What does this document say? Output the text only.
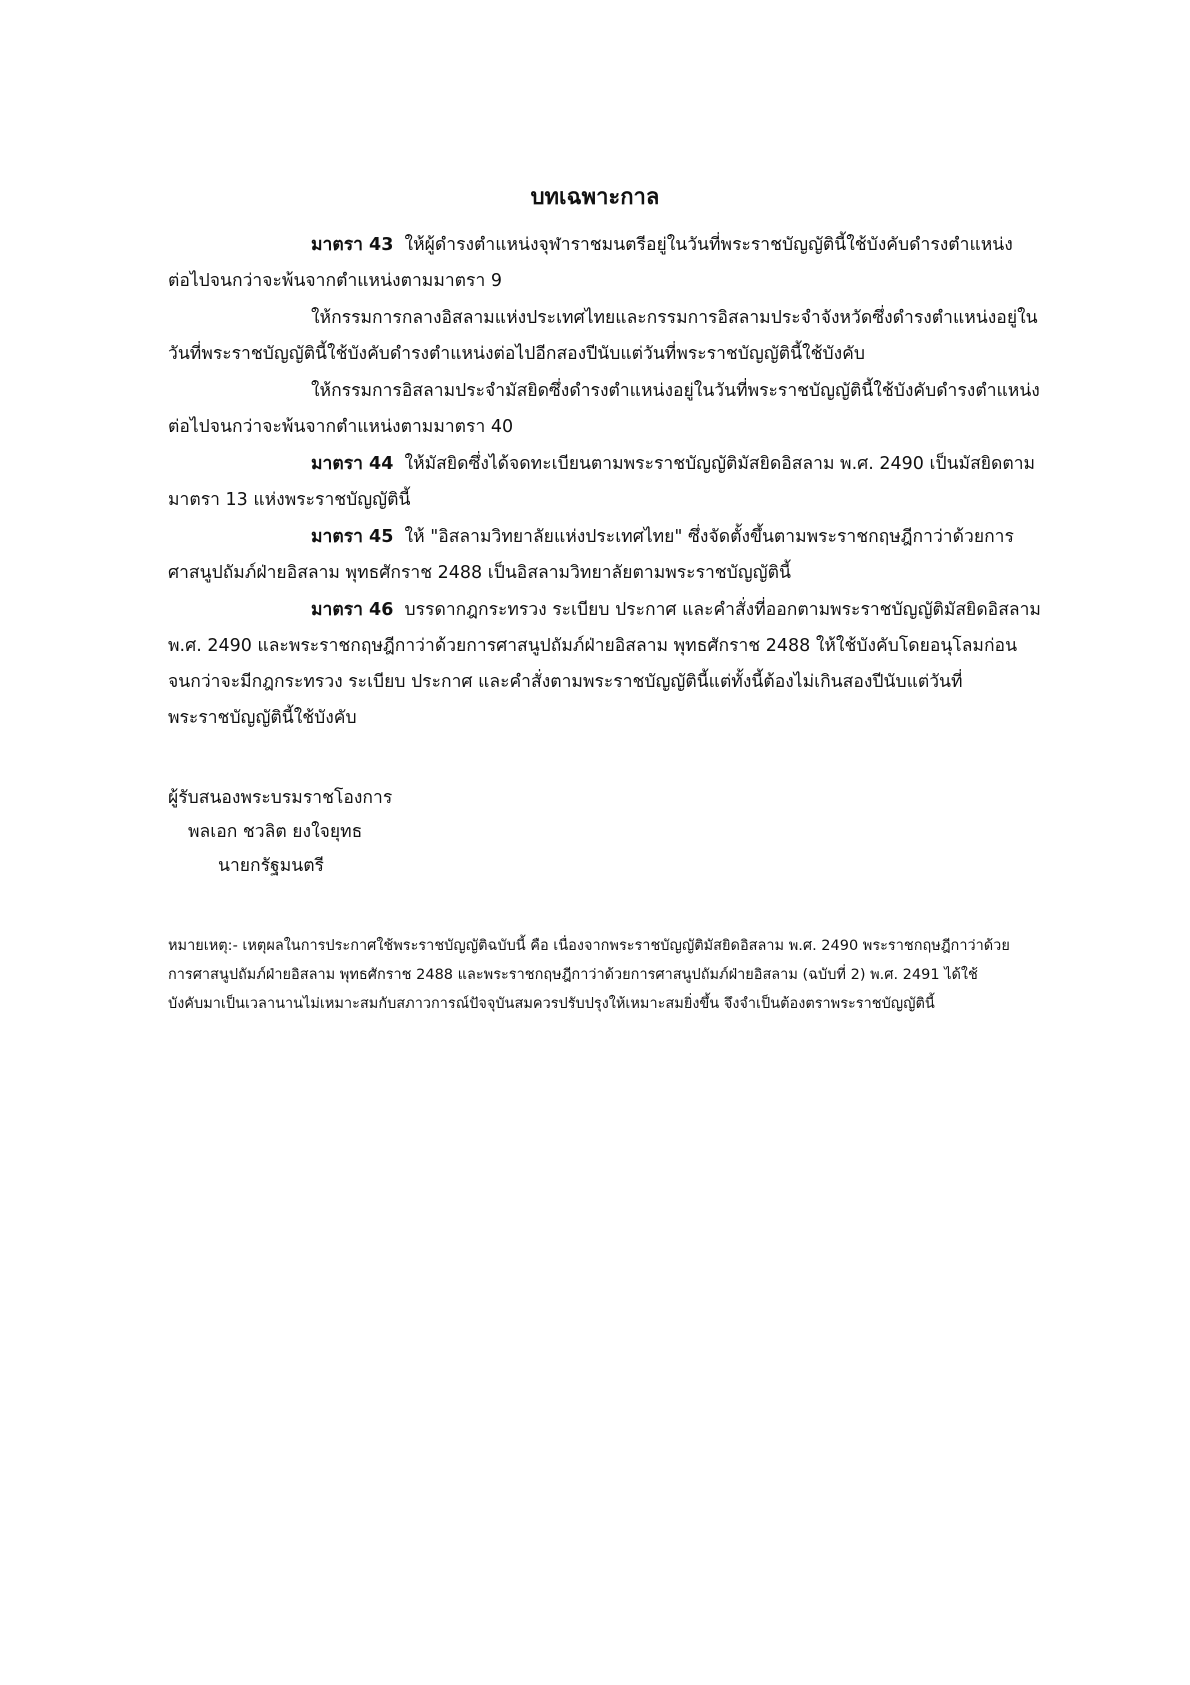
บทเฉพาะกาล
มาตรา 43 ให้ผู้ดำรงตำแหน่งจุฬาราชมนตรีอยู่ในวันที่พระราชบัญญัตินี้ใช้บังคับดำรงตำแหน่ง
ต่อไปจนกว่าจะพ้นจากตำแหน่งตามมาตรา 9
ให้กรรมการกลางอิสลามแห่งประเทศไทยและกรรมการอิสลามประจำจังหวัดซึ่งดำรงตำแหน่งอยู่ใน
วันที่พระราชบัญญัตินี้ใช้บังคับดำรงตำแหน่งต่อไปอีกสองปีนับแต่วันที่พระราชบัญญัตินี้ใช้บังคับ
ให้กรรมการอิสลามประจำมัสยิดซึ่งดำรงตำแหน่งอยู่ในวันที่พระราชบัญญัตินี้ใช้บังคับดำรงตำแหน่ง
ต่อไปจนกว่าจะพ้นจากตำแหน่งตามมาตรา 40
มาตรา 44 ให้มัสยิดซึ่งได้จดทะเบียนตามพระราชบัญญัติมัสยิดอิสลาม พ.ศ. 2490 เป็นมัสยิดตาม
มาตรา 13 แห่งพระราชบัญญัตินี้
มาตรา 45 ให้ "อิสลามวิทยาลัยแห่งประเทศไทย" ซึ่งจัดตั้งขึ้นตามพระราชกฤษฎีกาว่าด้วยการ
ศาสนูปถัมภ์ฝ่ายอิสลาม พุทธศักราช 2488 เป็นอิสลามวิทยาลัยตามพระราชบัญญัตินี้
มาตรา 46 บรรดากฎกระทรวง ระเบียบ ประกาศ และคำสั่งที่ออกตามพระราชบัญญัติมัสยิดอิสลาม
พ.ศ. 2490 และพระราชกฤษฎีกาว่าด้วยการศาสนูปถัมภ์ฝ่ายอิสลาม พุทธศักราช 2488 ให้ใช้บังคับโดยอนุโลมก่อน
จนกว่าจะมีกฎกระทรวง ระเบียบ ประกาศ และคำสั่งตามพระราชบัญญัตินี้แต่ทั้งนี้ต้องไม่เกินสองปีนับแต่วันที่
พระราชบัญญัตินี้ใช้บังคับ
ผู้รับสนองพระบรมราชโองการ
พลเอก ชวลิต ยงใจยุทธ
นายกรัฐมนตรี
หมายเหตุ:- เหตุผลในการประกาศใช้พระราชบัญญัติฉบับนี้ คือ เนื่องจากพระราชบัญญัติมัสยิดอิสลาม พ.ศ. 2490 พระราชกฤษฎีกาว่าด้วย
การศาสนูปถัมภ์ฝ่ายอิสลาม พุทธศักราช 2488 และพระราชกฤษฎีกาว่าด้วยการศาสนูปถัมภ์ฝ่ายอิสลาม (ฉบับที่ 2) พ.ศ. 2491 ได้ใช้
บังคับมาเป็นเวลานานไม่เหมาะสมกับสภาวการณ์ปัจจุบันสมควรปรับปรุงให้เหมาะสมยิ่งขึ้น จึงจำเป็นต้องตราพระราชบัญญัตินี้
